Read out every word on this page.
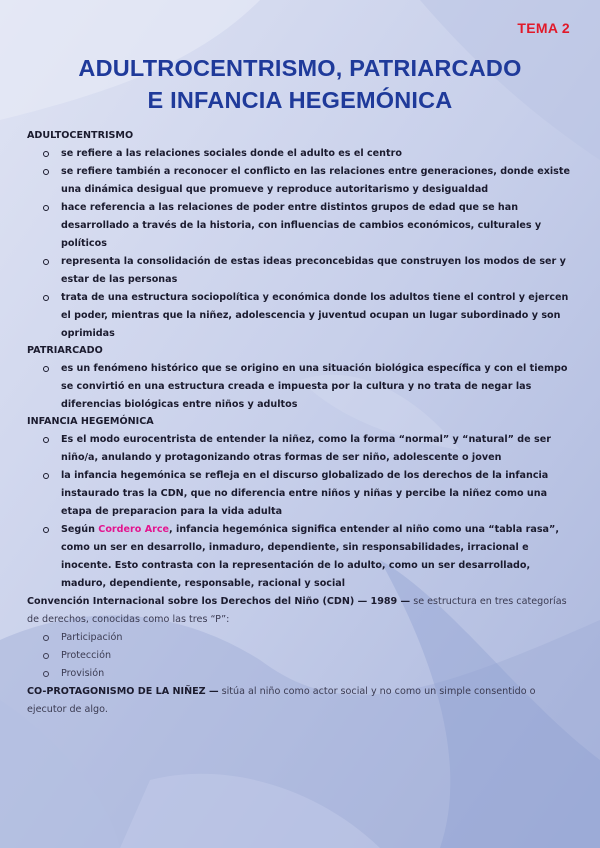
TEMA 2
ADULTROCENTRISMO, PATRIARCADO
E INFANCIA HEGEMÓNICA
ADULTOCENTRISMO
se refiere a las relaciones sociales donde el adulto es el centro
se refiere también a reconocer el conflicto en las relaciones entre generaciones, donde existe una dinámica desigual que promueve y reproduce autoritarismo y desigualdad
hace referencia a las relaciones de poder entre distintos grupos de edad que se han desarrollado a través de la historia, con influencias de cambios económicos, culturales y políticos
representa la consolidación de estas ideas preconcebidas que construyen los modos de ser y estar de las personas
trata de una estructura sociopolítica y económica donde los adultos tiene el control y ejercen el poder, mientras que la niñez, adolescencia y juventud ocupan un lugar subordinado y son oprimidas
PATRIARCADO
es un fenómeno histórico que se origino en una situación biológica específica y con el tiempo se convirtió en una estructura creada e impuesta por la cultura y no trata de negar las diferencias biológicas entre niños y adultos
INFANCIA HEGEMÓNICA
Es el modo eurocentrista de entender la niñez, como la forma “normal” y “natural” de ser niño/a, anulando y protagonizando otras formas de ser niño, adolescente o joven
la infancia hegemónica se refleja en el discurso globalizado de los derechos de la infancia instaurado tras la CDN, que no diferencia entre niños y niñas y percibe la niñez como una etapa de preparacion para la vida adulta
Según Cordero Arce, infancia hegemónica significa entender al niño como una “tabla rasa”, como un ser en desarrollo, inmaduro, dependiente, sin responsabilidades, irracional e inocente. Esto contrasta con la representación de lo adulto, como un ser desarrollado, maduro, dependiente, responsable, racional y social

Convención Internacional sobre los Derechos del Niño (CDN) — 1989 — se estructura en tres categorías de derechos, conocidas como las tres “P”:

Participación
Protección
Provisión

CO-PROTAGONISMO DE LA NIÑEZ — sitúa al niño como actor social y no como un simple consentido o ejecutor de algo.
